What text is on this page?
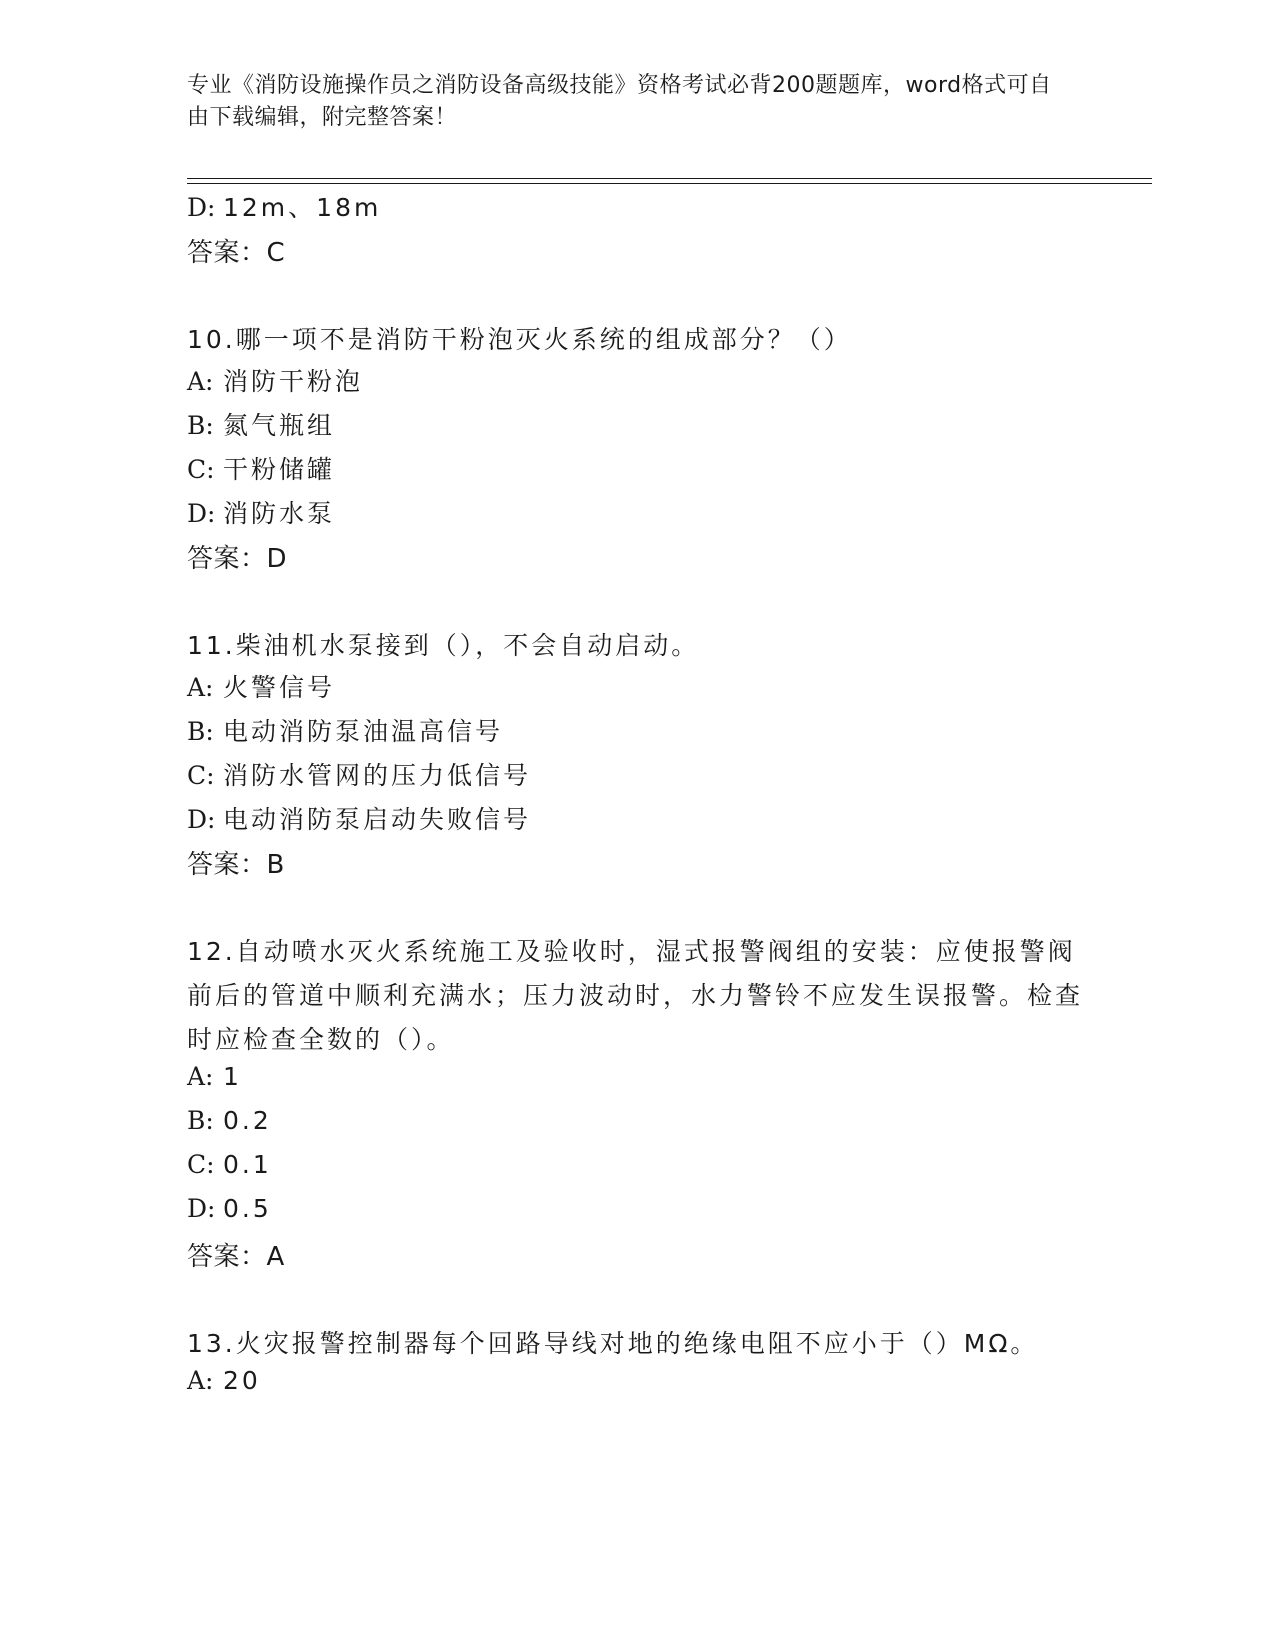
专业《消防设施操作员之消防设备高级技能》资格考试必背200题题库，word格式可自由下载编辑，附完整答案！
D: 12m、18m
答案：C
10.哪一项不是消防干粉泡灭火系统的组成部分？（）
A: 消防干粉泡
B: 氮气瓶组
C: 干粉储罐
D: 消防水泵
答案：D
11.柴油机水泵接到（），不会自动启动。
A: 火警信号
B: 电动消防泵油温高信号
C: 消防水管网的压力低信号
D: 电动消防泵启动失败信号
答案：B
12.自动喷水灭火系统施工及验收时，湿式报警阀组的安装：应使报警阀前后的管道中顺利充满水；压力波动时，水力警铃不应发生误报警。检查时应检查全数的（）。
A: 1
B: 0.2
C: 0.1
D: 0.5
答案：A
13.火灾报警控制器每个回路导线对地的绝缘电阻不应小于（）MΩ。
A: 20
